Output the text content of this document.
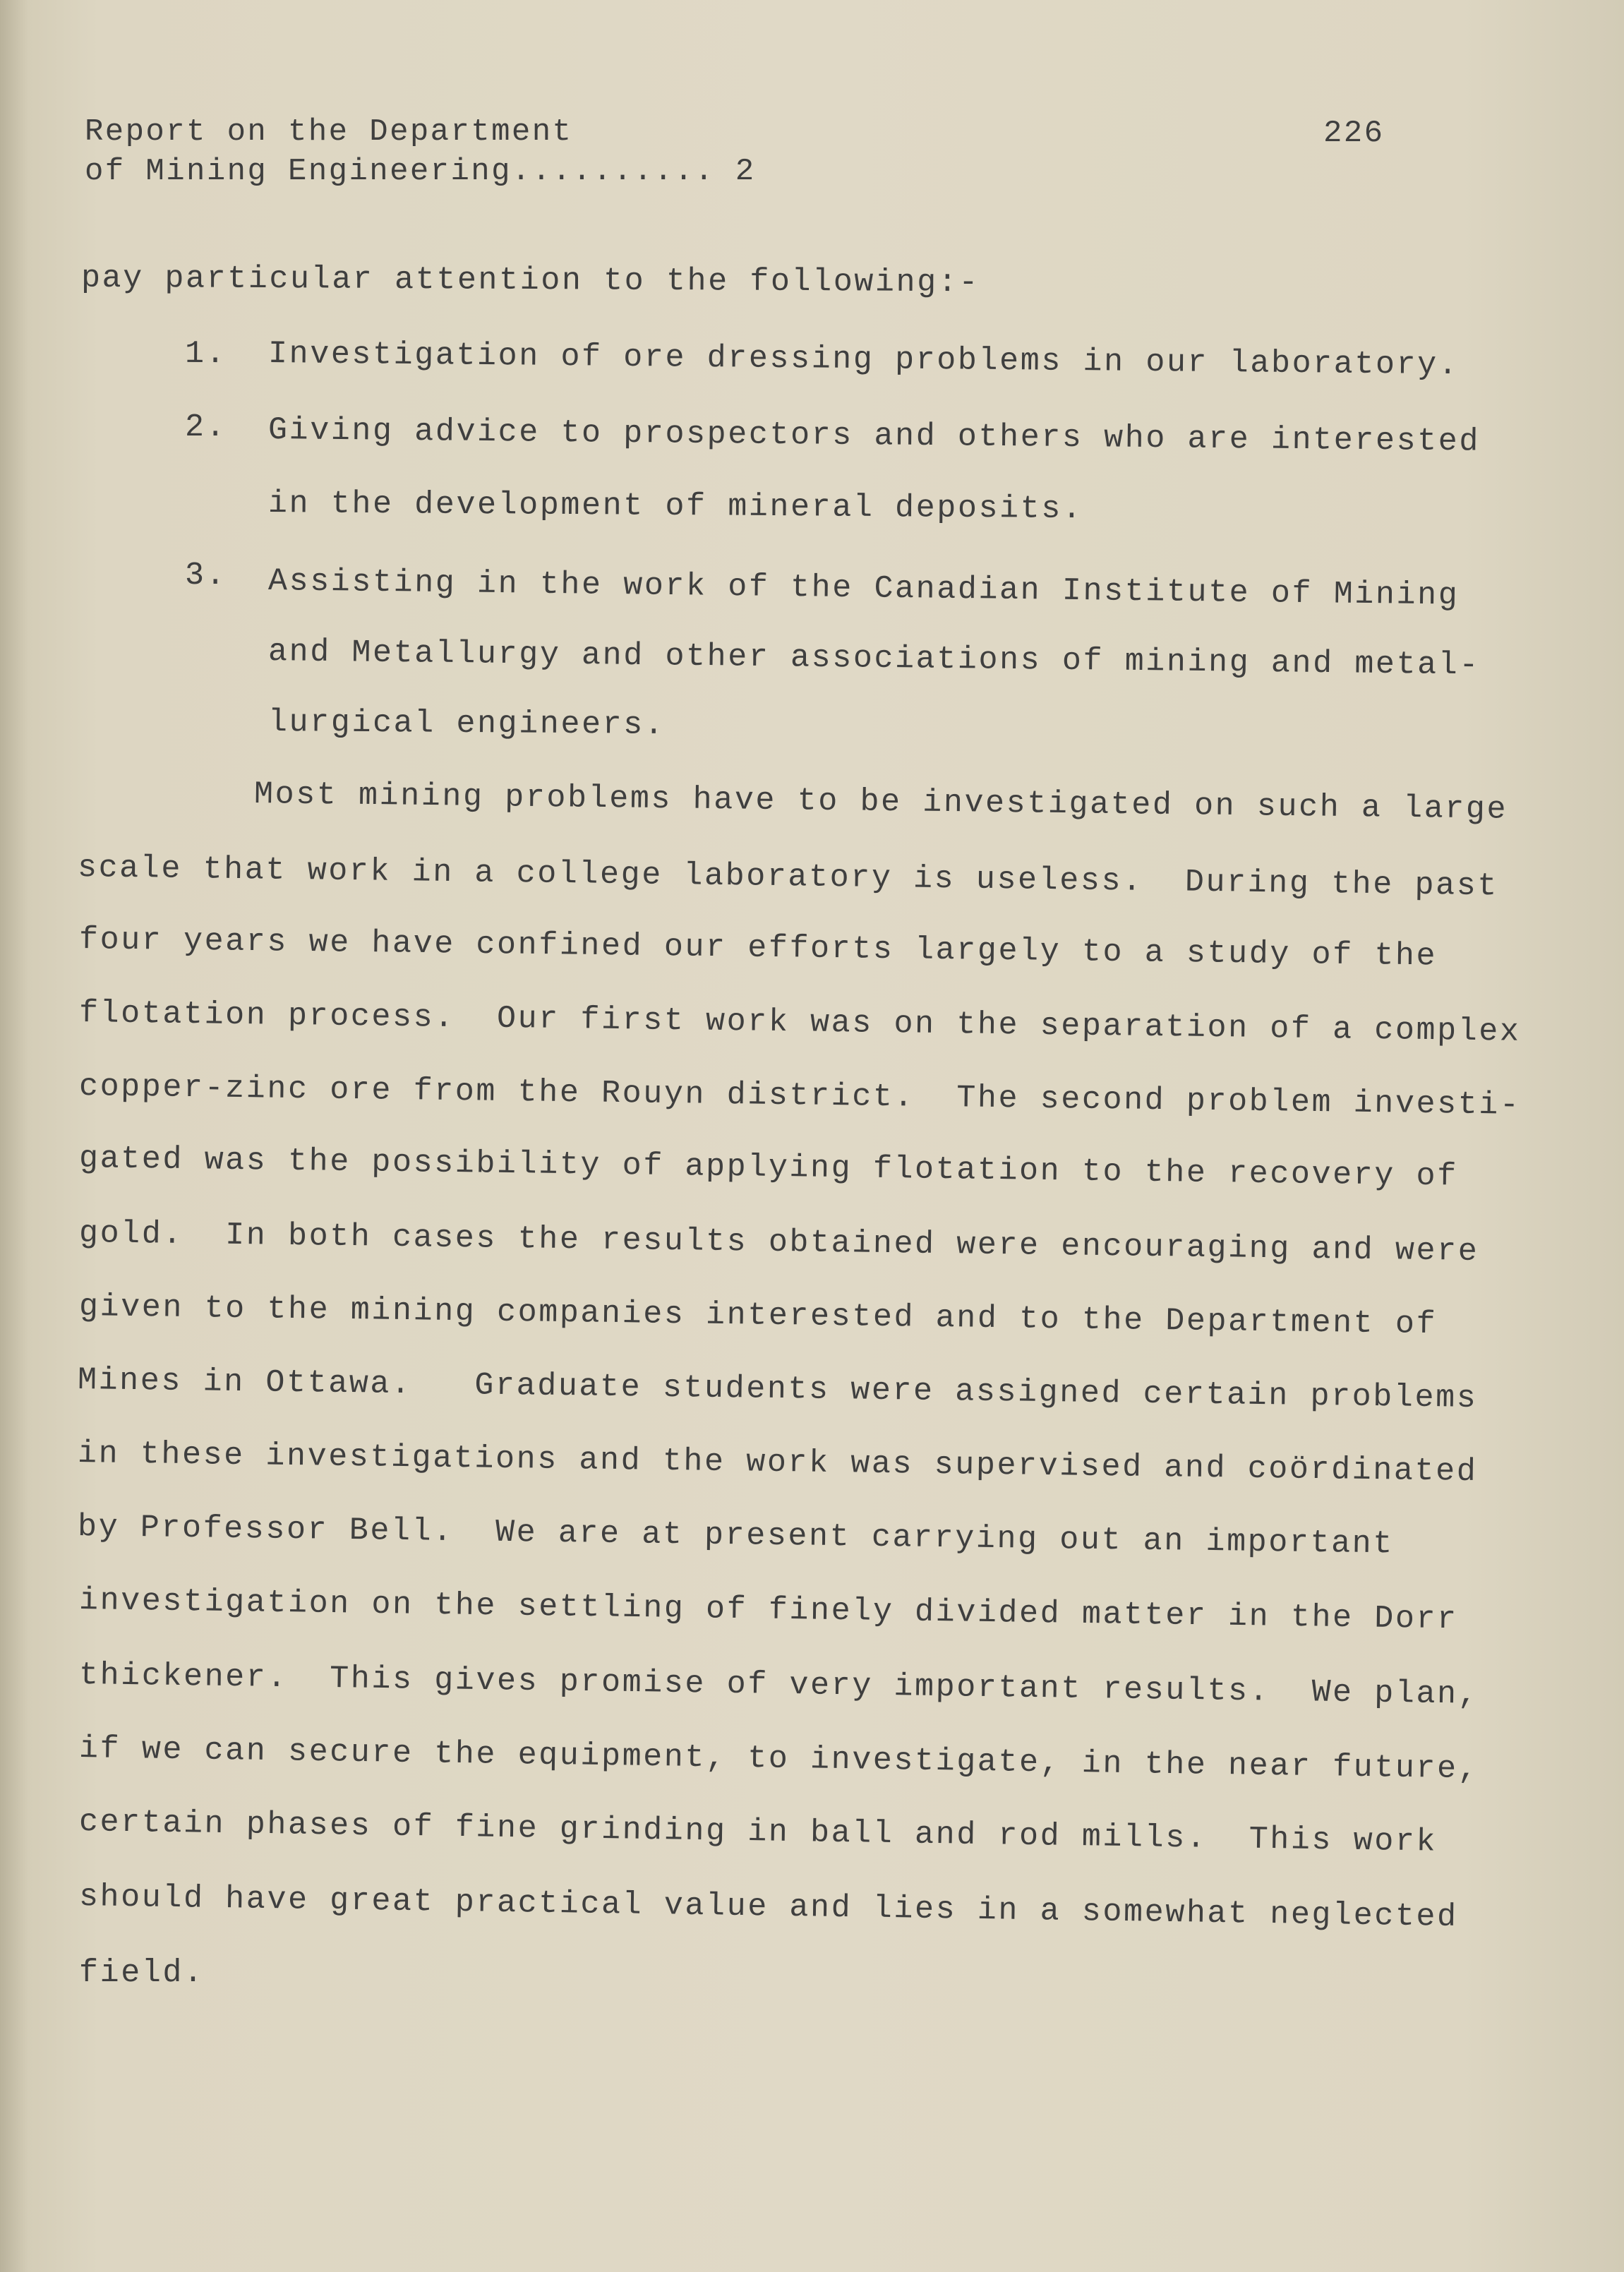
Report on the Department
of Mining Engineering.......... 2
226
pay particular attention to the following:-
1. Investigation of ore dressing problems in our laboratory.
2. Giving advice to prospectors and others who are interested
in the development of mineral deposits.
3. Assisting in the work of the Canadian Institute of Mining
and Metallurgy and other associations of mining and metal-
lurgical engineers.
Most mining problems have to be investigated on such a large
scale that work in a college laboratory is useless.  During the past
four years we have confined our efforts largely to a study of the
flotation process.  Our first work was on the separation of a complex
copper-zinc ore from the Rouyn district.  The second problem investi-
gated was the possibility of applying flotation to the recovery of
gold.  In both cases the results obtained were encouraging and were
given to the mining companies interested and to the Department of
Mines in Ottawa.   Graduate students were assigned certain problems
in these investigations and the work was supervised and coördinated
by Professor Bell.  We are at present carrying out an important
investigation on the settling of finely divided matter in the Dorr
thickener.  This gives promise of very important results.  We plan,
if we can secure the equipment, to investigate, in the near future,
certain phases of fine grinding in ball and rod mills.  This work
should have great practical value and lies in a somewhat neglected
field.
